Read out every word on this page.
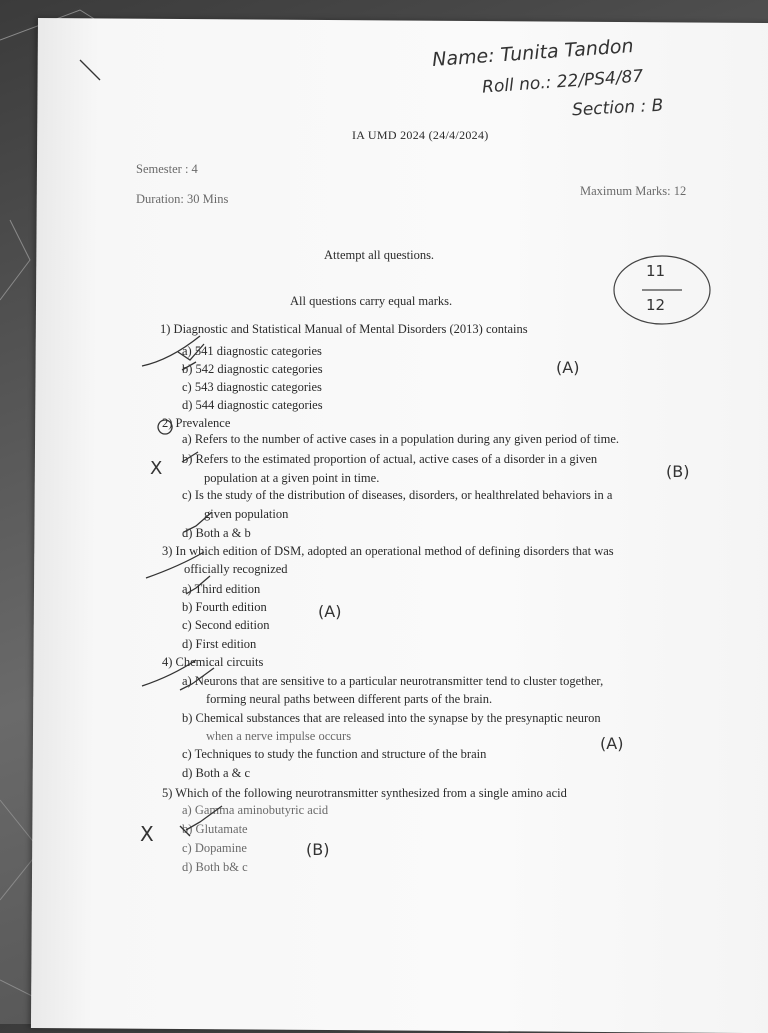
Name: Tunita Tandon
Roll no.: 22/PS4/87
Section : B
IA UMD 2024 (24/4/2024)
Semester : 4
Duration: 30 Mins
Maximum Marks: 12
Attempt all questions.
All questions carry equal marks.
11
12
1) Diagnostic and Statistical Manual of Mental Disorders (2013) contains
a) 541 diagnostic categories
b) 542 diagnostic categories
c) 543 diagnostic categories
d) 544 diagnostic categories
(A)
2) Prevalence
a) Refers to the number of active cases in a population during any given period of time.
b) Refers to the estimated proportion of actual, active cases of a disorder in a given
population at a given point in time.
c) Is the study of the distribution of diseases, disorders, or healthrelated behaviors in a
given population
d) Both a & b
(B)
X
3) In which edition of DSM, adopted an operational method of defining disorders that was
officially recognized
a) Third edition
b) Fourth edition
c) Second edition
d) First edition
(A)
4) Chemical circuits
a) Neurons that are sensitive to a particular neurotransmitter tend to cluster together,
forming neural paths between different parts of the brain.
b) Chemical substances that are released into the synapse by the presynaptic neuron
when a nerve impulse occurs
c) Techniques to study the function and structure of the brain
d) Both a & c
(A)
5) Which of the following neurotransmitter synthesized from a single amino acid
a) Gamma aminobutyric acid
b) Glutamate
c) Dopamine
d) Both b& c
(B)
X
